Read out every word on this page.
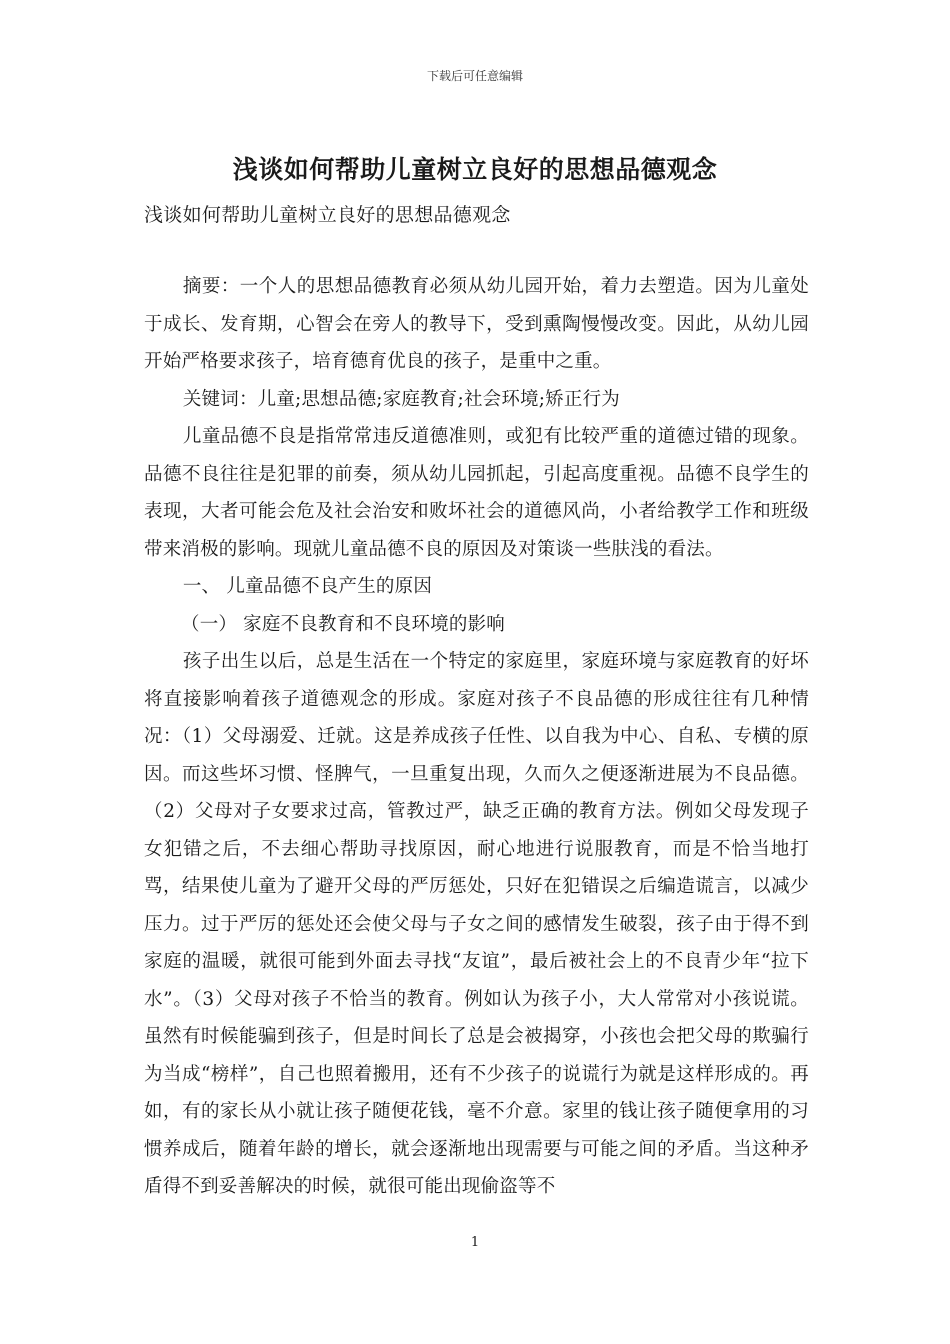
下载后可任意编辑
浅谈如何帮助儿童树立良好的思想品德观念
浅谈如何帮助儿童树立良好的思想品德观念

摘要：一个人的思想品德教育必须从幼儿园开始，着力去塑造。因为儿童处于成长、发育期，心智会在旁人的教导下，受到熏陶慢慢改变。因此，从幼儿园开始严格要求孩子，培育德育优良的孩子，是重中之重。

关键词：儿童;思想品德;家庭教育;社会环境;矫正行为

儿童品德不良是指常常违反道德准则，或犯有比较严重的道德过错的现象。品德不良往往是犯罪的前奏，须从幼儿园抓起，引起高度重视。品德不良学生的表现，大者可能会危及社会治安和败坏社会的道德风尚，小者给教学工作和班级带来消极的影响。现就儿童品德不良的原因及对策谈一些肤浅的看法。

一、 儿童品德不良产生的原因

（一） 家庭不良教育和不良环境的影响

孩子出生以后，总是生活在一个特定的家庭里，家庭环境与家庭教育的好坏将直接影响着孩子道德观念的形成。家庭对孩子不良品德的形成往往有几种情况：（1）父母溺爱、迁就。这是养成孩子任性、以自我为中心、自私、专横的原因。而这些坏习惯、怪脾气，一旦重复出现，久而久之便逐渐进展为不良品德。（2）父母对子女要求过高，管教过严，缺乏正确的教育方法。例如父母发现子女犯错之后，不去细心帮助寻找原因，耐心地进行说服教育，而是不恰当地打骂，结果使儿童为了避开父母的严厉惩处，只好在犯错误之后编造谎言，以减少压力。过于严厉的惩处还会使父母与子女之间的感情发生破裂，孩子由于得不到家庭的温暖，就很可能到外面去寻找“友谊”，最后被社会上的不良青少年“拉下水”。（3）父母对孩子不恰当的教育。例如认为孩子小，大人常常对小孩说谎。虽然有时候能骗到孩子，但是时间长了总是会被揭穿，小孩也会把父母的欺骗行为当成“榜样”，自己也照着搬用，还有不少孩子的说谎行为就是这样形成的。再如，有的家长从小就让孩子随便花钱，毫不介意。家里的钱让孩子随便拿用的习惯养成后，随着年龄的增长，就会逐渐地出现需要与可能之间的矛盾。当这种矛盾得不到妥善解决的时候，就很可能出现偷盗等不

1
